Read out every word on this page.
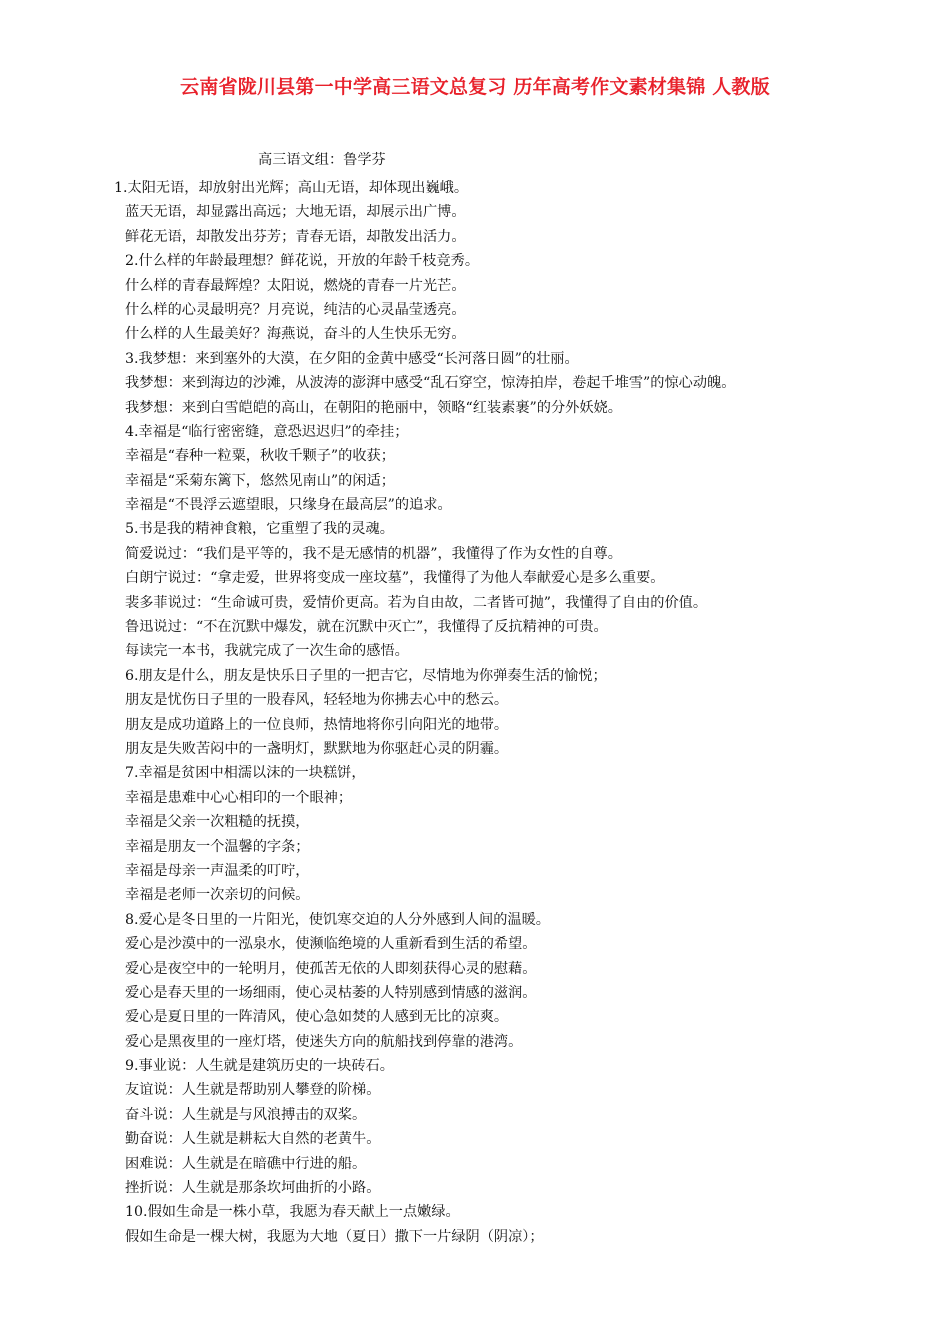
云南省陇川县第一中学高三语文总复习 历年高考作文素材集锦 人教版
高三语文组：鲁学芬
1.太阳无语，却放射出光辉；高山无语，却体现出巍峨。
蓝天无语，却显露出高远；大地无语，却展示出广博。
鲜花无语，却散发出芬芳；青春无语，却散发出活力。
2.什么样的年龄最理想？鲜花说，开放的年龄千枝竞秀。
什么样的青春最辉煌？太阳说，燃烧的青春一片光芒。
什么样的心灵最明亮？月亮说，纯洁的心灵晶莹透亮。
什么样的人生最美好？海燕说，奋斗的人生快乐无穷。
3.我梦想：来到塞外的大漠，在夕阳的金黄中感受“长河落日圆”的壮丽。
我梦想：来到海边的沙滩，从波涛的澎湃中感受“乱石穿空，惊涛拍岸，卷起千堆雪”的惊心动魄。
我梦想：来到白雪皑皑的高山，在朝阳的艳丽中，领略“红装素裹”的分外妖娆。
4.幸福是“临行密密缝，意恐迟迟归”的牵挂；
幸福是“春种一粒粟，秋收千颗子”的收获；
幸福是“采菊东篱下，悠然见南山”的闲适；
幸福是“不畏浮云遮望眼，只缘身在最高层”的追求。
5.书是我的精神食粮，它重塑了我的灵魂。
简爱说过：“我们是平等的，我不是无感情的机器”，我懂得了作为女性的自尊。
白朗宁说过：“拿走爱，世界将变成一座坟墓”，我懂得了为他人奉献爱心是多么重要。
裴多菲说过：“生命诚可贵，爱情价更高。若为自由故，二者皆可抛”，我懂得了自由的价值。
鲁迅说过：“不在沉默中爆发，就在沉默中灭亡”，我懂得了反抗精神的可贵。
每读完一本书，我就完成了一次生命的感悟。
6.朋友是什么，朋友是快乐日子里的一把吉它，尽情地为你弹奏生活的愉悦；
朋友是忧伤日子里的一股春风，轻轻地为你拂去心中的愁云。
朋友是成功道路上的一位良师，热情地将你引向阳光的地带。
朋友是失败苦闷中的一盏明灯，默默地为你驱赶心灵的阴霾。
7.幸福是贫困中相濡以沫的一块糕饼，
幸福是患难中心心相印的一个眼神；
幸福是父亲一次粗糙的抚摸，
幸福是朋友一个温馨的字条；
幸福是母亲一声温柔的叮咛，
幸福是老师一次亲切的问候。
8.爱心是冬日里的一片阳光，使饥寒交迫的人分外感到人间的温暖。
爱心是沙漠中的一泓泉水，使濒临绝境的人重新看到生活的希望。
爱心是夜空中的一轮明月，使孤苦无依的人即刻获得心灵的慰藉。
爱心是春天里的一场细雨，使心灵枯萎的人特别感到情感的滋润。
爱心是夏日里的一阵清风，使心急如焚的人感到无比的凉爽。
爱心是黑夜里的一座灯塔，使迷失方向的航船找到停靠的港湾。
9.事业说：人生就是建筑历史的一块砖石。
友谊说：人生就是帮助别人攀登的阶梯。
奋斗说：人生就是与风浪搏击的双桨。
勤奋说：人生就是耕耘大自然的老黄牛。
困难说：人生就是在暗礁中行进的船。
挫折说：人生就是那条坎坷曲折的小路。
10.假如生命是一株小草，我愿为春天献上一点嫩绿。
假如生命是一棵大树，我愿为大地（夏日）撒下一片绿阴（阴凉）；
